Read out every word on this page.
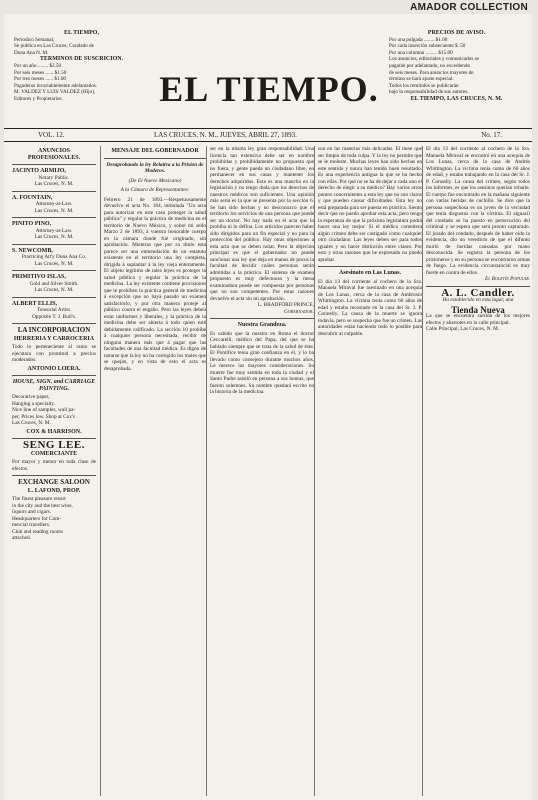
AMADOR COLLECTION
EL TIEMPO,
Periodico Semanal,
Se publica en Las Cruces, Condado de
Dona Ana N. M.
TERMINOS DE SUSCRICION.
Por un año ........ $2.50
Por seis meses ...... $1.50
Por tres meses ...... $1.00
Pagaderos invariablemente adelantados.
M. VALDEZ Y LUIS VALDEZ (Hijo),
Editores y Propietarios.	EL TIEMPO.
PRECIOS DE AVISO.
Por una pulgada ........ $1.00
Por cada inserción subsecuente $ .50
Por una columna ......... $15.00
Los anuncios, editoriales y comunicados se
pagarán por adelantado, no excediendo
de seis meses. Para anuncios mayores de
término se hará ajuste especial.
Todos los remitidos se publicarán
bajo la responsabilidad de sus autores.
EL TIEMPO, LAS CRUCES, N. M.
VOL. 12.	LAS CRUCES, N. M., JUEVES, ABRIL 27, 1893.	No. 17.
ANUNCIOS PROFESIONALES.
JACINTO ARMIJO,
Notary Public.
Las Cruces, N. M.
A. FOUNTAIN,
Attorney-at-Law.
Las Cruces, N. M.
PINITO PINO,
Attorney-at-Law.
Las Cruces, N. M.
S. NEWCOMB,
Practicing Att'y Dona Ana Co.
Las Cruces, N. M.
PRIMITIVO ISLAS,
Gold and Silver Smith.
Las Cruces, N. M.
ALBERT ELLIS,
Tonsorial Artist.
Opposite T. J. Bull's.
LA INCORPORACION
HERRERIA Y CARROCERIA
Todo lo perteneciente al ramo se ejecutara con prontitud a precios moderados.
ANTONIO LOERA.
HOUSE, SIGN, and CARRIAGE PAINTING.
Decorative paper,
Hanging a specialty.
Nice line of samples, wall pa-
per, Prices low. Shop at Cox's
Las Cruces, N. M.
COX & HARRISON.
SENG LEE.
COMERCIANTE
Por mayor y menor en toda clase de efectos.
EXCHANGE SALOON
L. LAFOND, PROP.
The finest pleasure resort
in the city and the best wine,
liquors and cigars.
Headquarters for Com-
mercial travellers.
Club and reading rooms
attached.
MENSAJE DEL GOBERNADOR
Desaprobando la ley Relativa a la Prision de Moderos.
(De El Nuevo Mexicano)
A la Cámara de Representantes:
Febrero 21 de 1893.—Respetuosamente devuelvo el acta No. 184, intitulada "Un acta para autorizar en este caso proteger la salud pública" y regular la práctica de medicina en el territorio de Nuevo México, y sobre mi sello Marzo 2 de 1893, á vuestra honorable cuerpo en la cámara donde fué originado, sin aprobación. Mientras que por su título esta parece ser una enmendación de un estatuto existente en el territorio una ley completa, dirigida á suplantar á la ley vieja enteramente. El objeto legítimo de tales leyes es proteger la salud pública y regular la práctica de la medicina. La ley existente contiene provisiones que le prohíben la práctica general de medicina á excepción que no haya pasado un examen satisfactorio, y por otra manera proteje al público contra el engaño. Pero las leyes deben estar uniformes y liberales, y la práctica de la medicina debe ser abierta á todo quien esté debidamente calificado. La sección 10 prohíbe á cualquier persona necesitada, recibir de ninguna manera más que á pagar que las facultades de una facultad médica. Es digno de notarse que la ley no ha corregido los males que se quejan, y en vista de esto el acta es desaprobada.
ser en la misma ley gran responsabilidad. Una licencia tan extensiva debe ser en nombre prohibidas y prohibidamente no propuesta que no fuera, y gente pueda un ciudadano libre, en permanecer en sus casas y mantener los derechos adquiridos. Esta es una mancha en la legislación y no tengo duda que los derechos de nuestros médicos son suficientes. Una opinión más seria es la que se presenta por la sección 6. Se han sido hechas y no desconozco que el territorio los servicios de una persona que puede ser un doctor. No hay nada en el acta que lo prohíba ni lo defina. Los artículos parecen haber sido dirigidos para un fin especial y no para la protección del público. Hay otras objeciones a esta acta que se deben notar. Pero la objeción principal es que el gobernador no puede sancionar una ley que deja en manos de pocos la facultad de decidir cuáles personas serán admitidas a la práctica. El sistema de examen propuesto es muy defectuoso y la mesa examinadora puede ser compuesta por personas que no son competentes. Por estas razones devuelvo el acta sin mi aprobación.
L. BRADFORD PRINCE,
Gobernador.
Nuestra Grandeza.
Es sabido que la nuestra en Roma el doctor Ceccarelli, médico del Papa, del que se ha hablado siempre que se trata de la salud de éste. El Pontífice tenía gran confianza en él, y lo ha llevado como consejero durante muchos años. Le merece las mayores consideraciones. Su muerte fue muy sentida en toda la ciudad y el Santo Padre asistió en persona a sus honras, que fueron solemnes. Su nombre quedará escrito en la historia de la medicina.
son en las materias más delicadas. El tiene que ser limpio de toda culpa. Y la ley no permite que se le moleste. Muchas leyes han sido hechas en este sentido y nunca han tenido buen resultado. Es una experiencia antigua la que se ha hecho con ellas. Por qué no se ha de dejar a cada uno el derecho de elegir a su médico? Hay varios otros puntos concernientes a esta ley que no son claros y que pueden causar dificultades. Esta ley no está preparada para ser puesta en práctica. Siento decir que no puedo aprobar esta acta, pero tengo la esperanza de que la próxima legislatura podrá hacer una ley mejor. Si el médico cometiera algún crimen debe ser castigado como cualquier otro ciudadano. Las leyes deben ser para todos iguales y no hacer distinción entre clases. Por esto y otras razones que he expresado no puedo aprobar.
Asesinato en Las Lunas.
El día 13 del corriente al cochero de la Sra. Manuela Miraval fue asesinado en una acequia de Los Lunas, cerca de la casa de Ambrosio Whittington. La víctima tenía como 60 años de edad y estaba recostado en la casa del Sr. J. P. Connelly. La causa de la muerte se ignora todavía, pero se sospecha que fue un crimen. Las autoridades están haciendo todo lo posible para descubrir al culpable.
El día 13 del corriente al cochero de la Sra. Manuela Miraval se encontró en una acequia de Los Lunas, cerca de la casa de Andrés Whittington. La víctima tenía como de 60 años de edad, y estaba trabajando en la casa del Sr. J. P. Connelly. La causa del crimen, según todos los informes, es que los asesinos querían robarle. El cuerpo fue encontrado en la mañana siguiente con varias heridas de cuchillo. Se dice que la persona sospechosa es un joven de la vecindad que tenía disgustos con la víctima. El alguacil del condado se ha puesto en persecución del criminal y se espera que será pronto capturado. El jurado del condado, después de haber oído la evidencia, dio un veredicto de que el difunto murió de heridas causadas por mano desconocida. Se registra la persona de los prisioneros y en su persona se encontraron armas de fuego. La evidencia circunstancial es muy fuerte en contra de ellos.
El Boletín Popular.
A. L. Candler.
Ha establecido en esta lugar, una
Tienda Nueva
La que se encuentra surtida de los mejores efectos y abarrotes en la calle principal.
Calle Principal, Las Cruces, N. M.
